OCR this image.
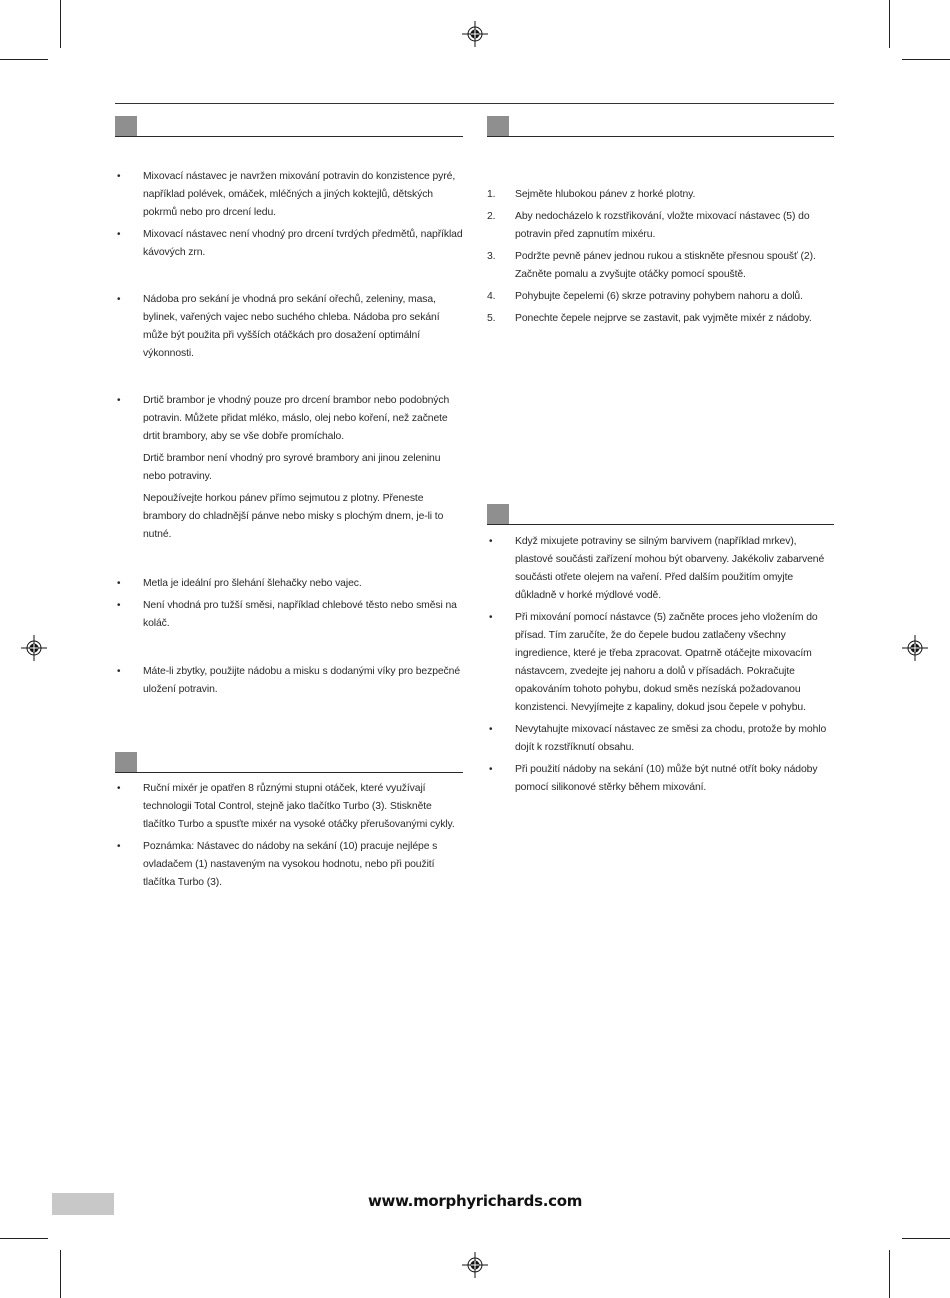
• Mixovací nástavec je navržen mixování potravin do konzistence pyré, například polévek, omáček, mléčných a jiných koktejlů, dětských pokrmů nebo pro drcení ledu.

• Mixovací nástavec není vhodný pro drcení tvrdých předmětů, například kávových zrn.

• Nádoba pro sekání je vhodná pro sekání ořechů, zeleniny, masa, bylinek, vařených vajec nebo suchého chleba. Nádoba pro sekání může být použita při vyšších otáčkách pro dosažení optimální výkonnosti.

• Drtič brambor je vhodný pouze pro drcení brambor nebo podobných potravin. Můžete přidat mléko, máslo, olej nebo koření, než začnete drtit brambory, aby se vše dobře promíchalo.

Drtič brambor není vhodný pro syrové brambory ani jinou zeleninu nebo potraviny.

Nepoužívejte horkou pánev přímo sejmutou z plotny. Přeneste brambory do chladnější pánve nebo misky s plochým dnem, je-li to nutné.

• Metla je ideální pro šlehání šlehačky nebo vajec.

• Není vhodná pro tužší směsi, například chlebové těsto nebo směsi na koláč.

• Máte-li zbytky, použijte nádobu a misku s dodanými víky pro bezpečné uložení potravin.

• Ruční mixér je opatřen 8 různými stupni otáček, které využívají technologii Total Control, stejně jako tlačítko Turbo (3). Stiskněte tlačítko Turbo a spusťte mixér na vysoké otáčky přerušovanými cykly.

• Poznámka: Nástavec do nádoby na sekání (10) pracuje nejlépe s ovladačem (1) nastaveným na vysokou hodnotu, nebo při použití tlačítka Turbo (3).

1. Sejměte hlubokou pánev z horké plotny.

2. Aby nedocházelo k rozstřikování, vložte mixovací nástavec (5) do potravin před zapnutím mixéru.

3. Podržte pevně pánev jednou rukou a stiskněte přesnou spoušť (2). Začněte pomalu a zvyšujte otáčky pomocí spouště.

4. Pohybujte čepelemi (6) skrze potraviny pohybem nahoru a dolů.

5. Ponechte čepele nejprve se zastavit, pak vyjměte mixér z nádoby.

• Když mixujete potraviny se silným barvivem (například mrkev), plastové součásti zařízení mohou být obarveny. Jakékoliv zabarvené součásti otřete olejem na vaření. Před dalším použitím omyjte důkladně v horké mýdlové vodě.

• Při mixování pomocí nástavce (5) začněte proces jeho vložením do přísad. Tím zaručíte, že do čepele budou zatlačeny všechny ingredience, které je třeba zpracovat. Opatrně otáčejte mixovacím nástavcem, zvedejte jej nahoru a dolů v přísadách. Pokračujte opakováním tohoto pohybu, dokud směs nezíská požadovanou konzistenci. Nevyjímejte z kapaliny, dokud jsou čepele v pohybu.

• Nevytahujte mixovací nástavec ze směsi za chodu, protože by mohlo dojít k rozstříknutí obsahu.

• Při použití nádoby na sekání (10) může být nutné otřít boky nádoby pomocí silikonové stěrky během mixování.

www.morphyrichards.com
